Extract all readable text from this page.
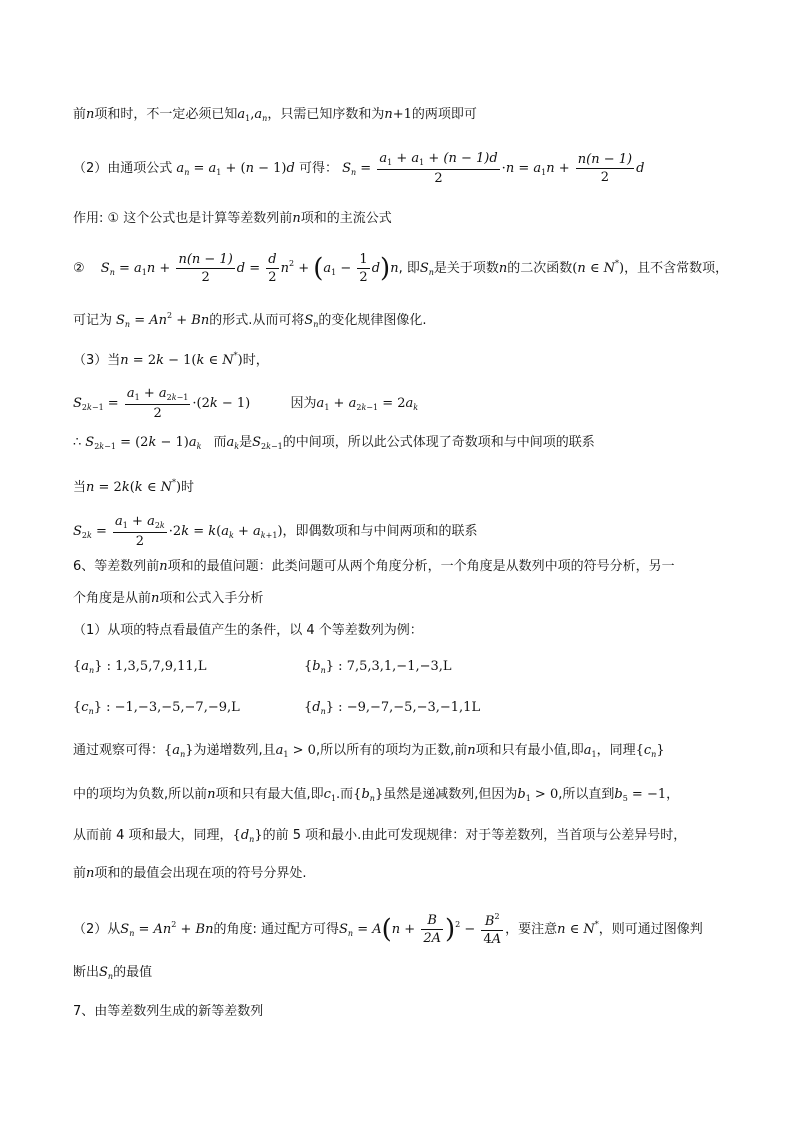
前n项和时，不一定必须已知$a_1,a_n$，只需已知序数和为n+1的两项即可
（2）由通项公式 $a_n = a_1 + (n - 1)d$ 可得： $S_n = \frac{a_1 + a_1 + (n - 1)d}{2} \cdot n = a_1n + \frac{n(n - 1)}{2}$ d
作用: ① 这个公式也是计算等差数列前n项和的主流公式
② $S_n = a_1n + \frac{n(n - 1)}{2}$ $d = \frac{d}{2} n^2 + (a_1 - \frac{1}{2} d)n$, 即$S_n$是关于项数n的二次函数(n ∈ N*)，且不含常数项，
可记为 $S_n = An^2 + Bn$的形式.从而可将$S_n$的变化规律图像化.
（3）当n = 2k − 1(k ∈ N*)时，
$S_{2k-1} = \frac{a_1 + a_{2k-1}}{2} \cdot(2k - 1)$	因为$a_1 + a_{2k-1} = 2a_k$
∴ $S_{2k-1} = (2k - 1)a_k$ 而$a_k$是$S_{2k-1}$的中间项，所以此公式体现了奇数项和与中间项的联系
当n = 2k(k ∈ N*)时
$S_{2k} = \frac{a_1 + a_{2k}}{2} \cdot 2k = k(a_k + a_{k+1})$，即偶数项和与中间两项和的联系
6、等差数列前n项和的最值问题：此类问题可从两个角度分析，一个角度是从数列中项的符号分析，另一
个角度是从前n项和公式入手分析
（1）从项的特点看最值产生的条件，以 4 个等差数列为例：
$\{a_n\}$ : 1,3,5,7,9,11,L	$\{b_n\}$ : 7,5,3,1,−1,−3,L
$\{c_n\}$ : −1,−3,−5,−7,−9,L	$\{d_n\}$ : −9,−7,−5,−3,−1,1L
通过观察可得：$\{a_n\}$为递增数列,且$a_1 > 0$,所以所有的项均为正数,前n项和只有最小值,即$a_1$，同理$\{c_n\}$
中的项均为负数,所以前n项和只有最大值,即$c_1$.而$\{b_n\}$虽然是递减数列,但因为$b_1 > 0$,所以直到$b_5 = -1$，
从而前 4 项和最大，同理，$\{d_n\}$的前 5 项和最小.由此可发现规律：对于等差数列，当首项与公差异号时，
前n项和的最值会出现在项的符号分界处.
（2）从$S_n = An^2 + Bn$的角度: 通过配方可得$S_n = A(n + \frac{B}{2A} )^2 - \frac{B^2}{4A}$ ，要注意n ∈ N*，则可通过图像判
断出$S_n$的最值
7、由等差数列生成的新等差数列
